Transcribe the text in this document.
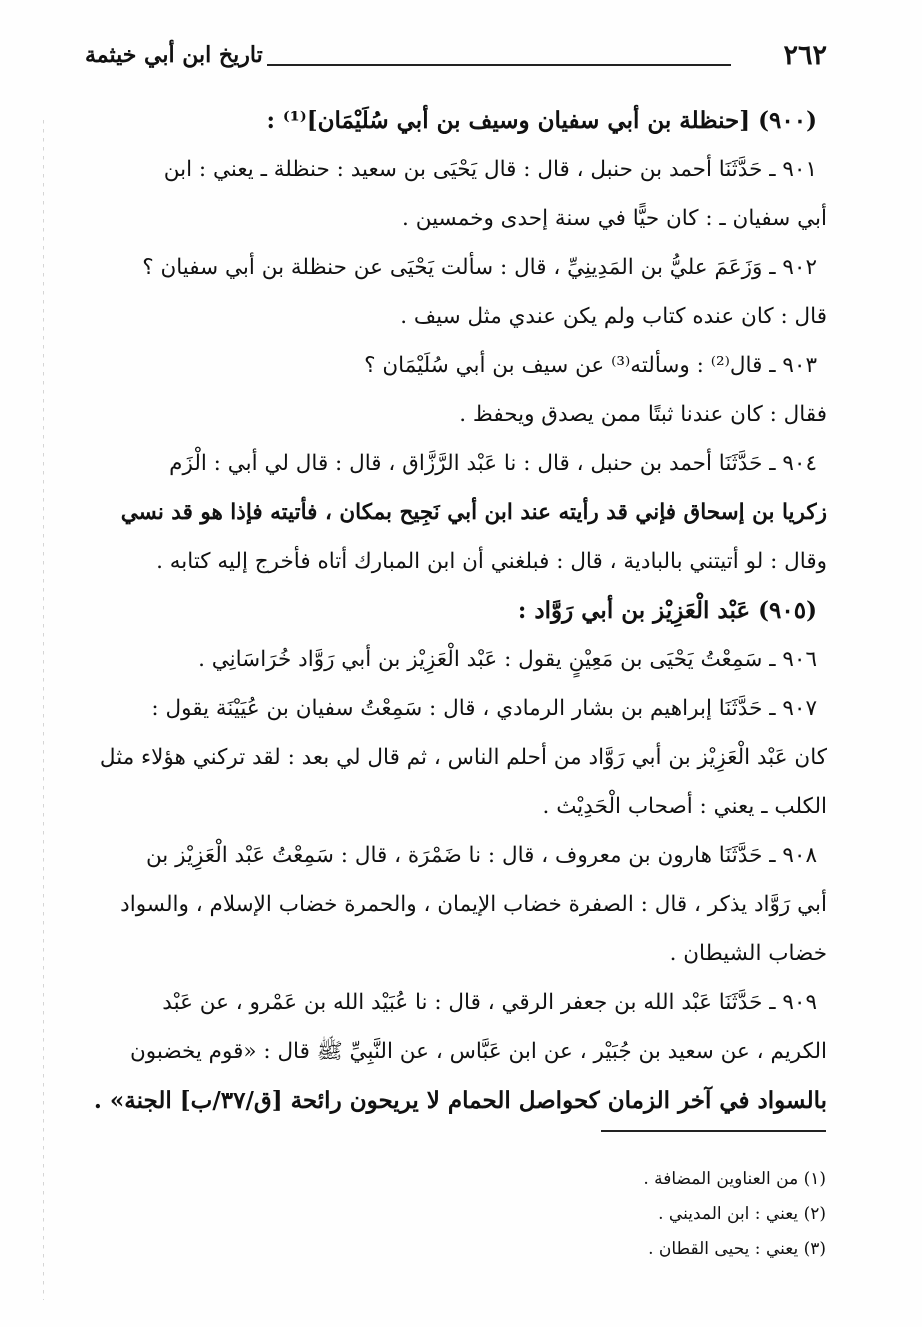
٢٦٢
تاريخ ابن أبي خيثمة

(٩٠٠) [حنظلة بن أبي سفيان وسيف بن أبي سُلَيْمَان]⁽¹⁾ :

٩٠١ ـ حَدَّثَنَا أحمد بن حنبل ، قال : قال يَحْيَى بن سعيد : حنظلة ـ يعني : ابن

أبي سفيان ـ : كان حيًّا في سنة إحدى وخمسين .

٩٠٢ ـ وَزَعَمَ عليُّ بن المَدِينِيِّ ، قال : سألت يَحْيَى عن حنظلة بن أبي سفيان ؟

قال : كان عنده كتاب ولم يكن عندي مثل سيف .

٩٠٣ ـ قال⁽²⁾ : وسألته⁽³⁾ عن سيف بن أبي سُلَيْمَان ؟

فقال : كان عندنا ثبتًا ممن يصدق ويحفظ .

٩٠٤ ـ حَدَّثَنَا أحمد بن حنبل ، قال : نا عَبْد الرَّزَّاق ، قال : قال لي أبي : الْزَم

زكريا بن إسحاق فإني قد رأيته عند ابن أبي نَجِيح بمكان ، فأتيته فإذا هو قد نسي

وقال : لو أتيتني بالبادية ، قال : فبلغني أن ابن المبارك أتاه فأخرج إليه كتابه .

(٩٠٥) عَبْد الْعَزِيْز بن أبي رَوَّاد :

٩٠٦ ـ سَمِعْتُ يَحْيَى بن مَعِيْنٍ يقول : عَبْد الْعَزِيْز بن أبي رَوَّاد خُرَاسَانِي .

٩٠٧ ـ حَدَّثَنَا إبراهيم بن بشار الرمادي ، قال : سَمِعْتُ سفيان بن عُيَيْنَة يقول :

كان عَبْد الْعَزِيْز بن أبي رَوَّاد من أحلم الناس ، ثم قال لي بعد : لقد تركني هؤلاء مثل

الكلب ـ يعني : أصحاب الْحَدِيْث .

٩٠٨ ـ حَدَّثَنَا هارون بن معروف ، قال : نا ضَمْرَة ، قال : سَمِعْتُ عَبْد الْعَزِيْز بن

أبي رَوَّاد يذكر ، قال : الصفرة خضاب الإيمان ، والحمرة خضاب الإسلام ، والسواد

خضاب الشيطان .

٩٠٩ ـ حَدَّثَنَا عَبْد الله بن جعفر الرقي ، قال : نا عُبَيْد الله بن عَمْرو ، عن عَبْد

الكريم ، عن سعيد بن جُبَيْر ، عن ابن عَبَّاس ، عن النَّبِيِّ ﷺ قال : «قوم يخضبون

بالسواد في آخر الزمان كحواصل الحمام لا يريحون رائحة [ق/٣٧/ب] الجنة» .

(١) من العناوين المضافة .

(٢) يعني : ابن المديني .

(٣) يعني : يحيى القطان .
